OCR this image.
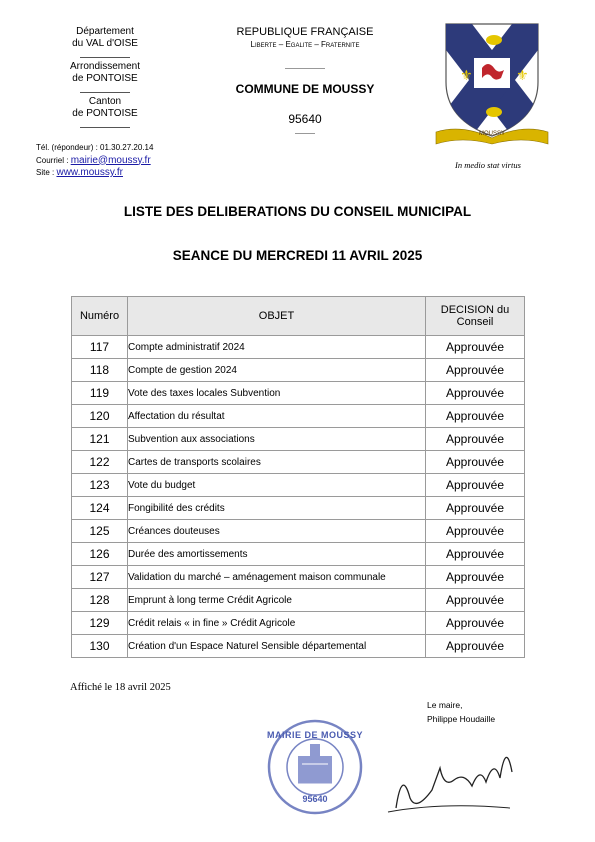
Département
du VAL d'OISE
Arrondissement
de PONTOISE
Canton
de PONTOISE
Tél. (répondeur) : 01.30.27.20.14
Courriel : mairie@moussy.fr
Site : www.moussy.fr
REPUBLIQUE FRANÇAISE
Liberte – Egalite – Fraternite
COMMUNE DE MOUSSY
95640
⚜	⚜
MOUSSY
In medio stat virtus
LISTE DES DELIBERATIONS DU CONSEIL MUNICIPAL
SEANCE DU MERCREDI 11 AVRIL 2025
Numéro	OBJET	DECISION du Conseil
117	Compte administratif 2024	Approuvée
118	Compte de gestion 2024	Approuvée
119	Vote des taxes locales Subvention	Approuvée
120	Affectation du résultat	Approuvée
121	Subvention aux associations	Approuvée
122	Cartes de transports scolaires	Approuvée
123	Vote du budget	Approuvée
124	Fongibilité des crédits	Approuvée
125	Créances douteuses	Approuvée
126	Durée des amortissements	Approuvée
127	Validation du marché – aménagement maison communale	Approuvée
128	Emprunt à long terme Crédit Agricole	Approuvée
129	Crédit relais « in fine » Crédit Agricole	Approuvée
130	Création d'un Espace Naturel Sensible départemental	Approuvée
Affiché le 18 avril 2025
Le maire,
Philippe Houdaille
MAIRIE DE MOUSSY
95640
